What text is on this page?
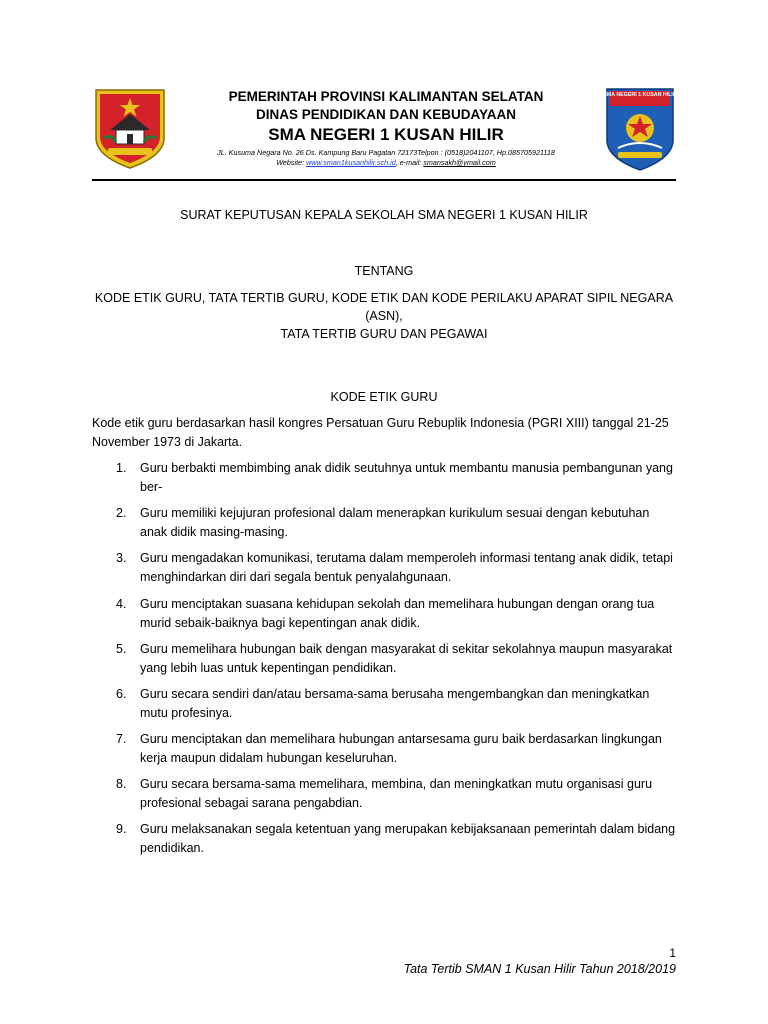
PEMERINTAH PROVINSI KALIMANTAN SELATAN
DINAS PENDIDIKAN DAN KEBUDAYAAN
SMA NEGERI 1 KUSAN HILIR
JL. Kusuma Negara No. 26 Ds. Kampung Baru Pagatan 72173Telpon : (0518)2041107, Hp.085705921118
Website: www.sman1kusanhilir.sch.id, e-mail: smansakh@ymail.com
SMA NEGERI 1 KUSAN HILIR
SURAT KEPUTUSAN KEPALA SEKOLAH SMA NEGERI 1 KUSAN HILIR
TENTANG
KODE ETIK GURU, TATA TERTIB GURU, KODE ETIK DAN KODE PERILAKU APARAT SIPIL NEGARA (ASN),
TATA TERTIB GURU DAN PEGAWAI
KODE ETIK GURU
Kode etik guru berdasarkan hasil kongres Persatuan Guru Rebuplik Indonesia (PGRI XIII) tanggal 21-25 November 1973 di Jakarta.
1.	Guru berbakti membimbing anak didik seutuhnya untuk membantu manusia pembangunan yang ber-
2.	Guru memiliki kejujuran profesional dalam menerapkan kurikulum sesuai dengan kebutuhan anak didik masing-masing.
3.	Guru mengadakan komunikasi, terutama dalam memperoleh informasi tentang anak didik, tetapi menghindarkan diri dari segala bentuk penyalahgunaan.
4.	Guru menciptakan suasana kehidupan sekolah dan memelihara hubungan dengan orang tua murid sebaik-baiknya bagi kepentingan anak didik.
5.	Guru memelihara hubungan baik dengan masyarakat di sekitar sekolahnya maupun masyarakat yang lebih luas untuk kepentingan pendidikan.
6.	Guru secara sendiri dan/atau bersama-sama berusaha mengembangkan dan meningkatkan mutu profesinya.
7.	Guru menciptakan dan memelihara hubungan antarsesama guru baik berdasarkan lingkungan kerja maupun didalam hubungan keseluruhan.
8.	Guru secara bersama-sama memelihara, membina, dan meningkatkan mutu organisasi guru profesional sebagai sarana pengabdian.
9.	Guru melaksanakan segala ketentuan yang merupakan kebijaksanaan pemerintah dalam bidang pendidikan.
1
Tata Tertib SMAN 1 Kusan Hilir Tahun 2018/2019
